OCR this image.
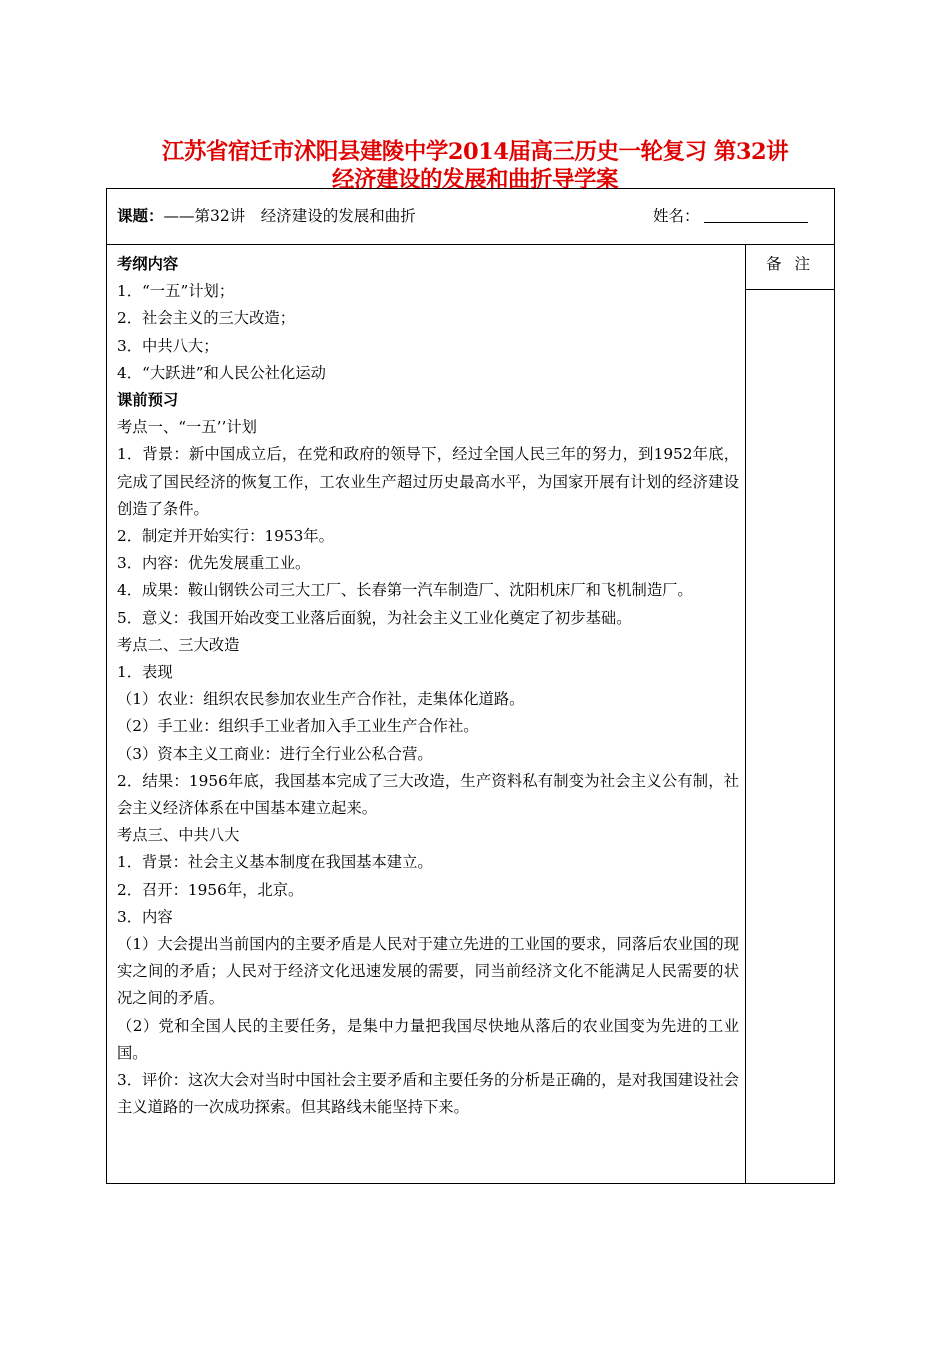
江苏省宿迁市沭阳县建陵中学2014届高三历史一轮复习 第32讲
经济建设的发展和曲折导学案
课题：——第32讲　经济建设的发展和曲折	姓名：
备 注

考纲内容

1．“一五”计划；

2．社会主义的三大改造；

3．中共八大；

4．“大跃进”和人民公社化运动

课前预习

考点一、“一五’’计划

1．背景：新中国成立后，在党和政府的领导下，经过全国人民三年的努力，到1952年底，完成了国民经济的恢复工作，工农业生产超过历史最高水平，为国家开展有计划的经济建设创造了条件。

2．制定并开始实行：1953年。

3．内容：优先发展重工业。

4．成果：鞍山钢铁公司三大工厂、长春第一汽车制造厂、沈阳机床厂和飞机制造厂。

5．意义：我国开始改变工业落后面貌，为社会主义工业化奠定了初步基础。

考点二、三大改造

1．表现

（1）农业：组织农民参加农业生产合作社，走集体化道路。

（2）手工业：组织手工业者加入手工业生产合作社。

（3）资本主义工商业：进行全行业公私合营。

2．结果：1956年底，我国基本完成了三大改造，生产资料私有制变为社会主义公有制，社会主义经济体系在中国基本建立起来。

考点三、中共八大

1．背景：社会主义基本制度在我国基本建立。

2．召开：1956年，北京。

3．内容

（1）大会提出当前国内的主要矛盾是人民对于建立先进的工业国的要求，同落后农业国的现实之间的矛盾；人民对于经济文化迅速发展的需要，同当前经济文化不能满足人民需要的状况之间的矛盾。

（2）党和全国人民的主要任务，是集中力量把我国尽快地从落后的农业国变为先进的工业国。

3．评价：这次大会对当时中国社会主要矛盾和主要任务的分析是正确的，是对我国建设社会主义道路的一次成功探索。但其路线未能坚持下来。
